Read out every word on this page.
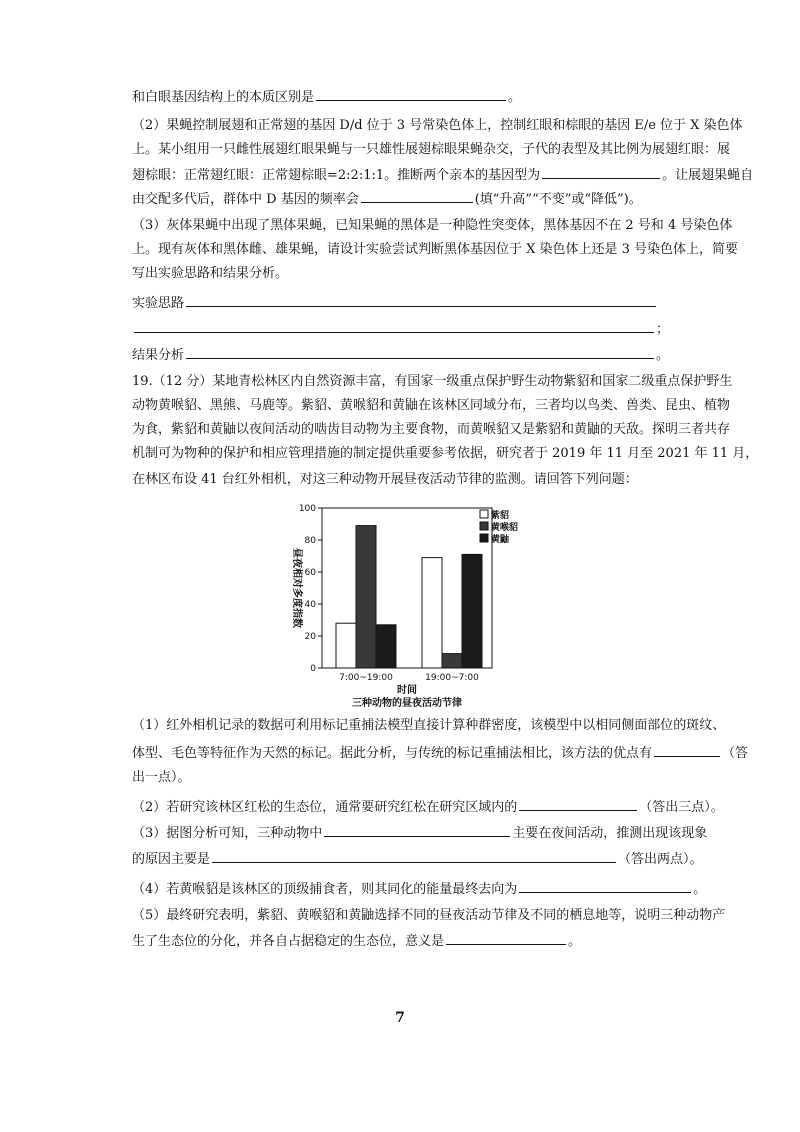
和白眼基因结构上的本质区别是	。
（2）果蝇控制展翅和正常翅的基因 D/d 位于 3 号常染色体上，控制红眼和棕眼的基因 E/e 位于 X 染色体
上。某小组用一只雌性展翅红眼果蝇与一只雄性展翅棕眼果蝇杂交，子代的表型及其比例为展翅红眼：展
翅棕眼：正常翅红眼：正常翅棕眼=2:2:1:1。推断两个亲本的基因型为	。让展翅果蝇自
由交配多代后，群体中 D 基因的频率会	(填“升高”“不变”或“降低”)。
（3）灰体果蝇中出现了黑体果蝇，已知果蝇的黑体是一种隐性突变体，黑体基因不在 2 号和 4 号染色体
上。现有灰体和黑体雌、雄果蝇，请设计实验尝试判断黑体基因位于 X 染色体上还是 3 号染色体上，简要
写出实验思路和结果分析。
实验思路
；
结果分析	。
19.（12 分）某地青松林区内自然资源丰富，有国家一级重点保护野生动物紫貂和国家二级重点保护野生
动物黄喉貂、黑熊、马鹿等。紫貂、黄喉貂和黄鼬在该林区同域分布，三者均以鸟类、兽类、昆虫、植物
为食，紫貂和黄鼬以夜间活动的啮齿目动物为主要食物，而黄喉貂又是紫貂和黄鼬的天敌。探明三者共存
机制可为物种的保护和相应管理措施的制定提供重要参考依据，研究者于 2019 年 11 月至 2021 年 11 月，
在林区布设 41 台红外相机，对这三种动物开展昼夜活动节律的监测。请回答下列问题：
（1）红外相机记录的数据可利用标记重捕法模型直接计算种群密度，该模型中以相同侧面部位的斑纹、
体型、毛色等特征作为天然的标记。据此分析，与传统的标记重捕法相比，该方法的优点有	（答
出一点）。
（2）若研究该林区红松的生态位，通常要研究红松在研究区域内的	（答出三点）。
（3）据图分析可知，三种动物中	主要在夜间活动，推测出现该现象
的原因主要是	（答出两点）。
（4）若黄喉貂是该林区的顶级捕食者，则其同化的能量最终去向为	。
（5）最终研究表明，紫貂、黄喉貂和黄鼬选择不同的昼夜活动节律及不同的栖息地等，说明三种动物产
生了生态位的分化，并各自占据稳定的生态位，意义是	。
0
20
40
60
80
100
昼夜相对多度指数
7:00~19:00	19:00~7:00
时间
三种动物的昼夜活动节律
紫貂
黄喉貂
黄鼬
7
